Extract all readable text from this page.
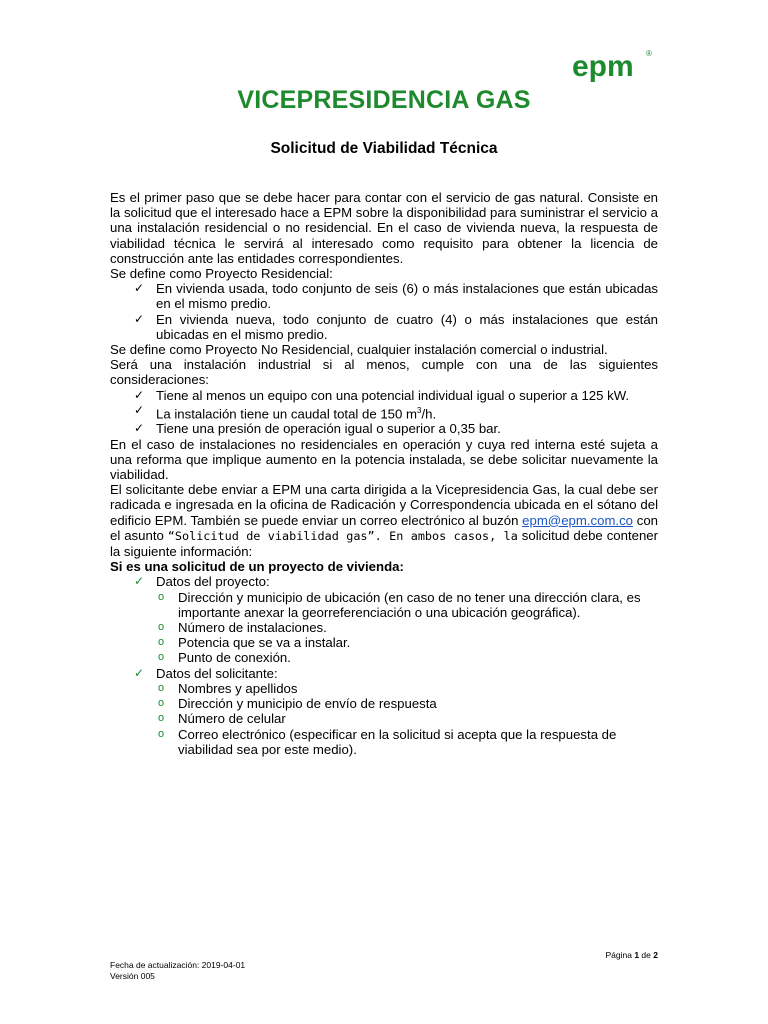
epm ®
VICEPRESIDENCIA GAS
Solicitud de Viabilidad Técnica

Es el primer paso que se debe hacer para contar con el servicio de gas natural. Consiste en la solicitud que el interesado hace a EPM sobre la disponibilidad para suministrar el servicio a una instalación residencial o no residencial. En el caso de vivienda nueva, la respuesta de viabilidad técnica le servirá al interesado como requisito para obtener la licencia de construcción ante las entidades correspondientes.

Se define como Proyecto Residencial:

✓ En vivienda usada, todo conjunto de seis (6) o más instalaciones que están ubicadas en el mismo predio.
✓ En vivienda nueva, todo conjunto de cuatro (4) o más instalaciones que están ubicadas en el mismo predio.

Se define como Proyecto No Residencial, cualquier instalación comercial o industrial.

Será una instalación industrial si al menos, cumple con una de las siguientes consideraciones:

✓ Tiene al menos un equipo con una potencial individual igual o superior a 125 kW.
✓ La instalación tiene un caudal total de 150 $m^3/h$.
✓ Tiene una presión de operación igual o superior a 0,35 bar.

En el caso de instalaciones no residenciales en operación y cuya red interna esté sujeta a una reforma que implique aumento en la potencia instalada, se debe solicitar nuevamente la viabilidad.

El solicitante debe enviar a EPM una carta dirigida a la Vicepresidencia Gas, la cual debe ser radicada e ingresada en la oficina de Radicación y Correspondencia ubicada en el sótano del edificio EPM. También se puede enviar un correo electrónico al buzón epm@epm.com.co con el asunto “Solicitud de viabilidad gas”. En ambos casos, la solicitud debe contener la siguiente información:

Si es una solicitud de un proyecto de vivienda:

✓ Datos del proyecto:
o Dirección y municipio de ubicación (en caso de no tener una dirección clara, es importante anexar la georreferenciación o una ubicación geográfica).
o Número de instalaciones.
o Potencia que se va a instalar.
o Punto de conexión.
✓ Datos del solicitante:
o Nombres y apellidos
o Dirección y municipio de envío de respuesta
o Número de celular
o Correo electrónico (especificar en la solicitud si acepta que la respuesta de viabilidad sea por este medio).
Página 1 de 2
Fecha de actualización: 2019-04-01
Versión 005
